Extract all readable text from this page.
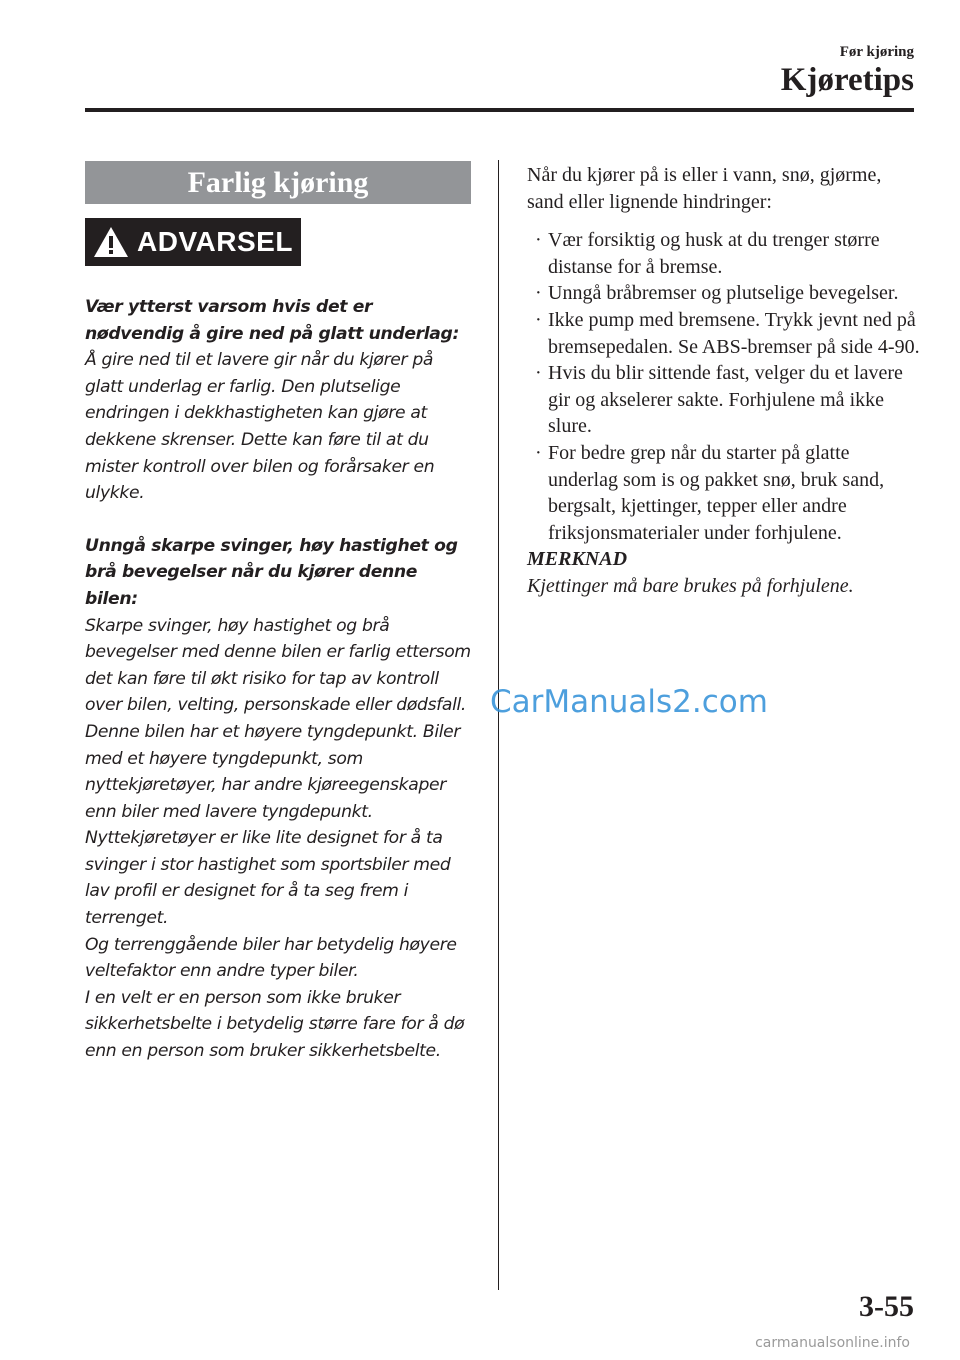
Før kjøring
Kjøretips
Farlig kjøring
ADVARSEL

Vær ytterst varsom hvis det er nødvendig å gire ned på glatt underlag:

Å gire ned til et lavere gir når du kjører på glatt underlag er farlig. Den plutselige endringen i dekkhastigheten kan gjøre at dekkene skrenser. Dette kan føre til at du mister kontroll over bilen og forårsaker en ulykke.

Unngå skarpe svinger, høy hastighet og brå bevegelser når du kjører denne bilen:

Skarpe svinger, høy hastighet og brå bevegelser med denne bilen er farlig ettersom det kan føre til økt risiko for tap av kontroll over bilen, velting, personskade eller dødsfall.

Denne bilen har et høyere tyngdepunkt. Biler med et høyere tyngdepunkt, som nyttekjøretøyer, har andre kjøreegenskaper enn biler med lavere tyngdepunkt. Nyttekjøretøyer er like lite designet for å ta svinger i stor hastighet som sportsbiler med lav profil er designet for å ta seg frem i terrenget.

Og terrenggående biler har betydelig høyere veltefaktor enn andre typer biler.

I en velt er en person som ikke bruker sikkerhetsbelte i betydelig større fare for å dø enn en person som bruker sikkerhetsbelte.

Når du kjører på is eller i vann, snø, gjørme, sand eller lignende hindringer:

· Vær forsiktig og husk at du trenger større distanse for å bremse.
· Unngå bråbremser og plutselige bevegelser.
· Ikke pump med bremsene. Trykk jevnt ned på bremsepedalen. Se ABS-bremser på side 4-90.
· Hvis du blir sittende fast, velger du et lavere gir og akselerer sakte. Forhjulene må ikke slure.
· For bedre grep når du starter på glatte underlag som is og pakket snø, bruk sand, bergsalt, kjettinger, tepper eller andre friksjonsmaterialer under forhjulene.

MERKNAD

Kjettinger må bare brukes på forhjulene.

CarManuals2.com
3-55
carmanualsonline.info
